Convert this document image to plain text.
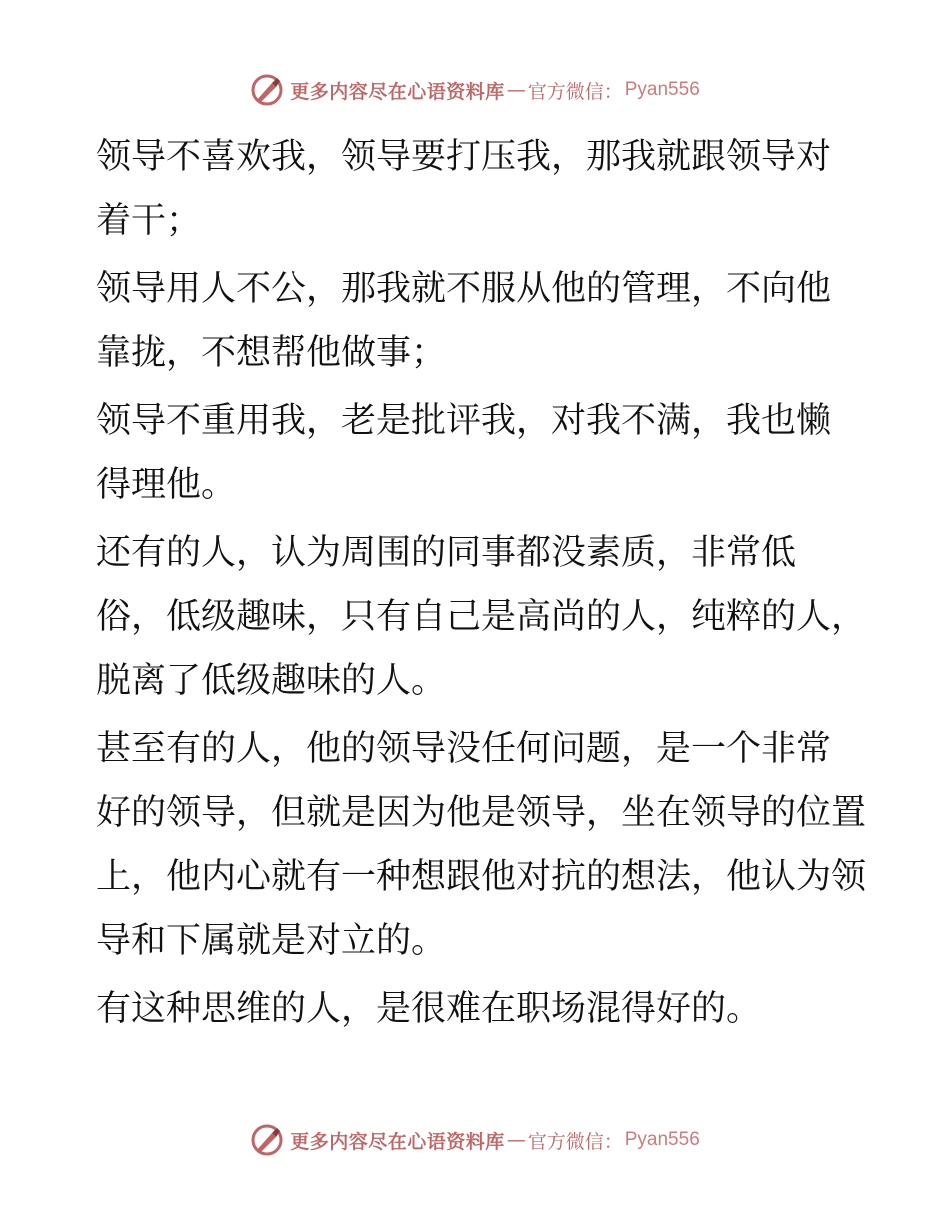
更多内容尽在心语资料库 — 官方微信： Pyan556

领导不喜欢我，领导要打压我，那我就跟领导对
着干；

领导用人不公，那我就不服从他的管理，不向他
靠拢，不想帮他做事；

领导不重用我，老是批评我，对我不满，我也懒
得理他。

还有的人，认为周围的同事都没素质，非常低
俗，低级趣味，只有自己是高尚的人，纯粹的人，
脱离了低级趣味的人。

甚至有的人，他的领导没任何问题，是一个非常
好的领导，但就是因为他是领导，坐在领导的位置
上，他内心就有一种想跟他对抗的想法，他认为领
导和下属就是对立的。

有这种思维的人，是很难在职场混得好的。

更多内容尽在心语资料库 — 官方微信： Pyan556
